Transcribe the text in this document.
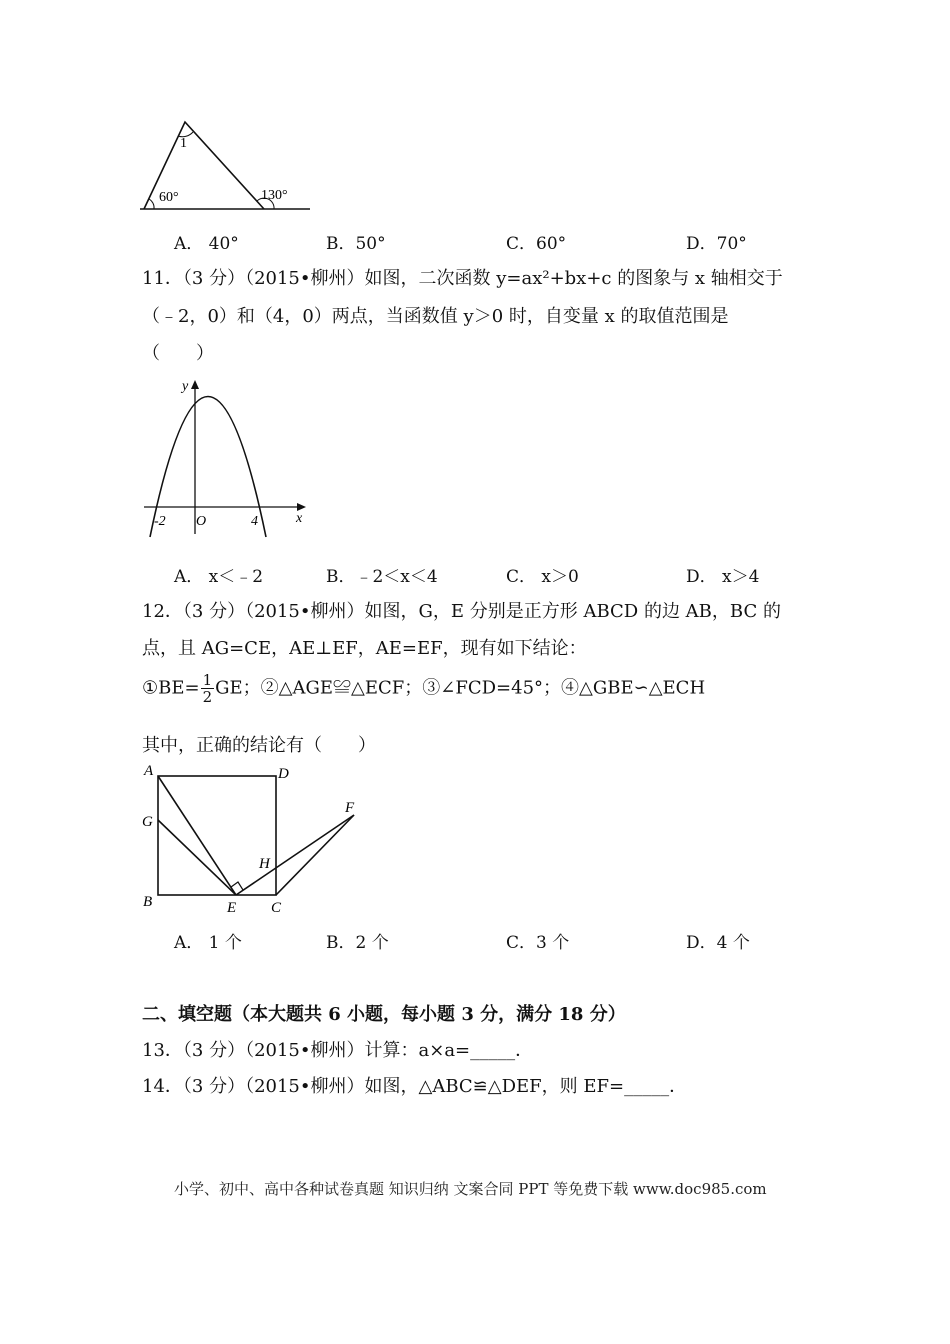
1
60°	130°
A． 40°	B．50°	C．60°	D．70°
11．（3 分）（2015•柳州）如图，二次函数 y=ax²+bx+c 的图象与 x 轴相交于
（﹣2，0）和（4，0）两点，当函数值 y＞0 时，自变量 x 的取值范围是
（　　）
y
x
O
-2	4
A． x＜﹣2	B．﹣2＜x＜4	C． x＞0	D． x＞4
12．（3 分）（2015•柳州）如图，G，E 分别是正方形 ABCD 的边 AB，BC 的
点，且 AG=CE，AE⊥EF，AE=EF，现有如下结论：
①BE= $\frac{1}{2}$ GE；②△AGE≌△ECF；③∠FCD=45°；④△GBE∽△ECH
其中，正确的结论有（　　）
A	D
G
F
H
B	E C
A． 1 个	B．2 个	C．3 个	D．4 个
二、填空题（本大题共 6 小题，每小题 3 分，满分 18 分）
13．（3 分）（2015•柳州）计算：a×a=_____．
14．（3 分）（2015•柳州）如图，△ABC≌△DEF，则 EF=_____．
小学、初中、高中各种试卷真题 知识归纳 文案合同 PPT 等免费下载 www.doc985.com
